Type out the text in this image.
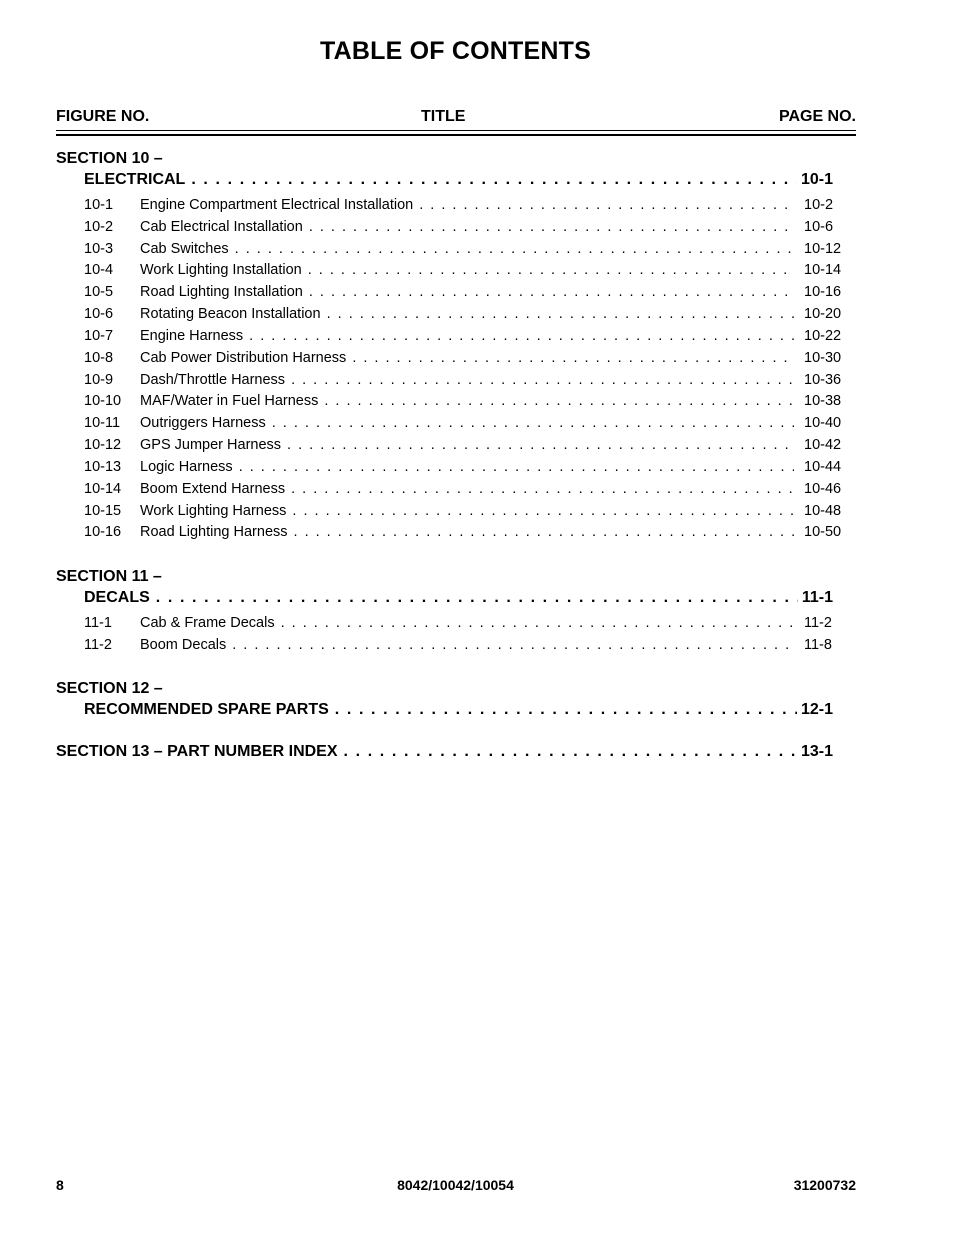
TABLE OF CONTENTS
FIGURE NO.	TITLE	PAGE NO.
SECTION 10 –
ELECTRICAL . . .	10-1
10-1	Engine Compartment Electrical Installation . . .	10-2
10-2	Cab Electrical Installation . . .	10-6
10-3	Cab Switches . . .	10-12
10-4	Work Lighting Installation . . .	10-14
10-5	Road Lighting Installation . . .	10-16
10-6	Rotating Beacon Installation . . .	10-20
10-7	Engine Harness . . .	10-22
10-8	Cab Power Distribution Harness . . .	10-30
10-9	Dash/Throttle Harness . . .	10-36
10-10	MAF/Water in Fuel Harness . . .	10-38
10-11	Outriggers Harness . . .	10-40
10-12	GPS Jumper Harness . . .	10-42
10-13	Logic Harness . . .	10-44
10-14	Boom Extend Harness . . .	10-46
10-15	Work Lighting Harness . . .	10-48
10-16	Road Lighting Harness . . .	10-50
SECTION 11 –
DECALS . . .	11-1
11-1	Cab & Frame Decals . . .	11-2
11-2	Boom Decals . . .	11-8
SECTION 12 –
RECOMMENDED SPARE PARTS . . .	12-1
SECTION 13 – PART NUMBER INDEX . . .	13-1
8	8042/10042/10054	31200732
